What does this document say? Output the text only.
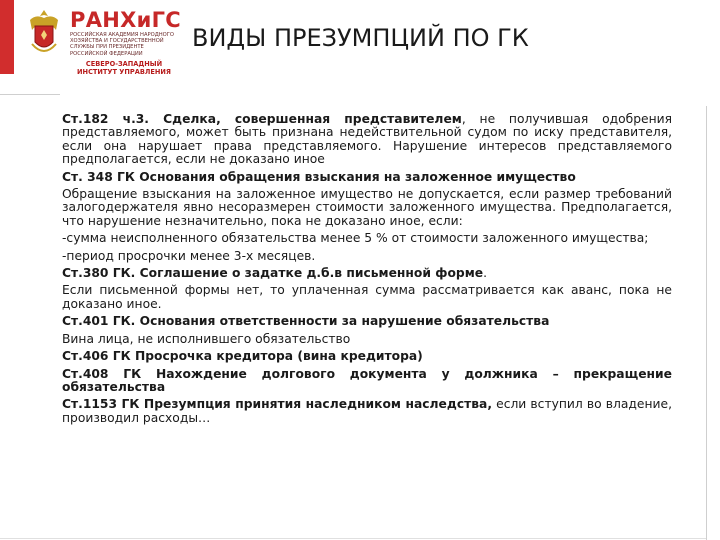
РАНХиГС
РОССИЙСКАЯ АКАДЕМИЯ НАРОДНОГО ХОЗЯЙСТВА И ГОСУДАРСТВЕННОЙ СЛУЖБЫ ПРИ ПРЕЗИДЕНТЕ РОССИЙСКОЙ ФЕДЕРАЦИИ
СЕВЕРО-ЗАПАДНЫЙ ИНСТИТУТ УПРАВЛЕНИЯ
ВИДЫ ПРЕЗУМПЦИЙ ПО ГК

Ст.182 ч.3. Сделка, совершенная представителем, не получившая одобрения представляемого, может быть признана недействительной судом по иску представителя, если она нарушает права представляемого. Нарушение интересов представляемого предполагается, если не доказано иное

Ст. 348 ГК Основания обращения взыскания на заложенное имущество

Обращение взыскания на заложенное имущество не допускается, если размер требований залогодержателя явно несоразмерен стоимости заложенного имущества. Предполагается, что нарушение незначительно, пока не доказано иное, если:

-сумма неисполненного обязательства менее 5 % от стоимости заложенного имущества;

-период просрочки менее 3-х месяцев.

Ст.380 ГК. Соглашение о задатке д.б.в письменной форме.

Если письменной формы нет, то уплаченная сумма рассматривается как аванс, пока не доказано иное.

Ст.401 ГК. Основания ответственности за нарушение обязательства

Вина лица, не исполнившего обязательство

Ст.406 ГК Просрочка кредитора (вина кредитора)

Ст.408 ГК Нахождение долгового документа у должника – прекращение обязательства

Ст.1153 ГК Презумпция принятия наследником наследства, если вступил во владение, производил расходы…
